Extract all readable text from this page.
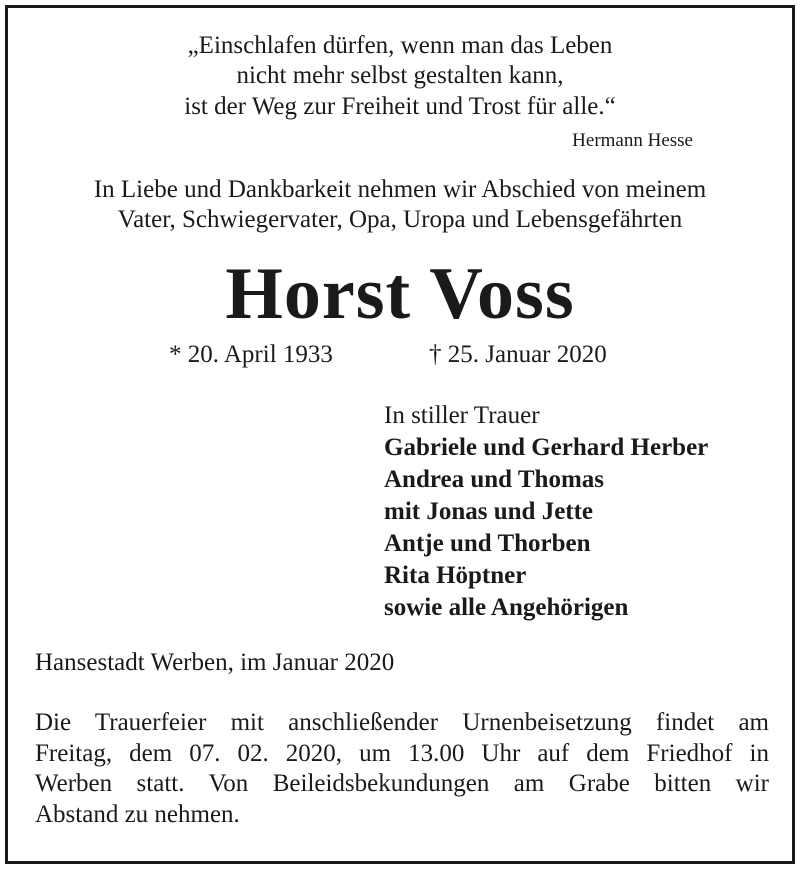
„Einschlafen dürfen, wenn man das Leben
nicht mehr selbst gestalten kann,
ist der Weg zur Freiheit und Trost für alle.“
Hermann Hesse
In Liebe und Dankbarkeit nehmen wir Abschied von meinem
Vater, Schwiegervater, Opa, Uropa und Lebensgefährten
Horst Voss
* 20. April 1933	† 25. Januar 2020
In stiller Trauer
Gabriele und Gerhard Herber
Andrea und Thomas
mit Jonas und Jette
Antje und Thorben
Rita Höptner
sowie alle Angehörigen
Hansestadt Werben, im Januar 2020
Die Trauerfeier mit anschließender Urnenbeisetzung findet am
Freitag, dem 07. 02. 2020, um 13.00 Uhr auf dem Friedhof in
Werben statt. Von Beileidsbekundungen am Grabe bitten wir
Abstand zu nehmen.
